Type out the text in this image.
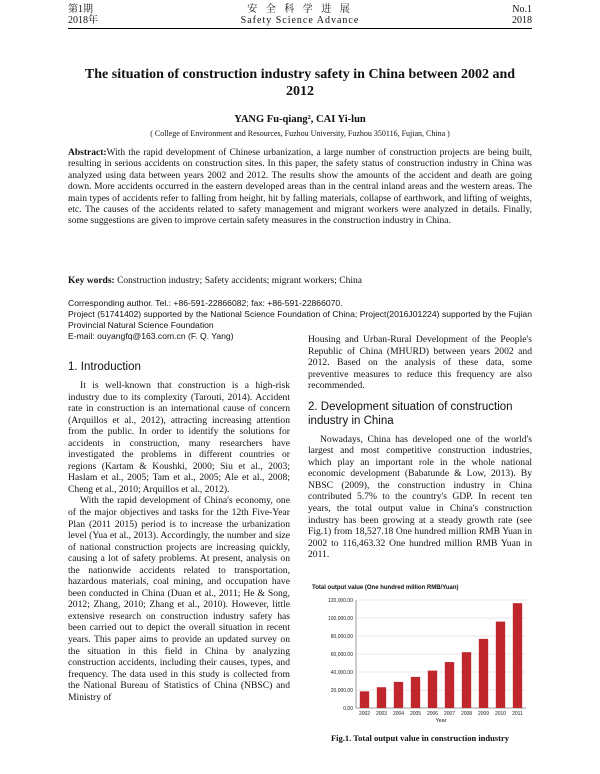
第1期
2018年
安 全 科 学 进 展
Safety Science Advance
No.1
2018
The situation of construction industry safety in China between 2002 and 2012
YANG Fu-qiang², CAI Yi-lun
( College of Environment and Resources, Fuzhou University, Fuzhou 350116, Fujian, China )

Abstract:With the rapid development of Chinese urbanization, a large number of construction projects are being built, resulting in serious accidents on construction sites. In this paper, the safety status of construction industry in China was analyzed using data between years 2002 and 2012. The results show the amounts of the accident and death are going down. More accidents occurred in the eastern developed areas than in the central inland areas and the western areas. The main types of accidents refer to falling from height, hit by falling materials, collapse of earthwork, and lifting of weights, etc. The causes of the accidents related to safety management and migrant workers were analyzed in details. Finally, some suggestions are given to improve certain safety measures in the construction industry in China.

Key words: Construction industry; Safety accidents; migrant workers; China

Corresponding author. Tel.: +86-591-22866082; fax: +86-591-22866070.
Project (51741402) supported by the National Science Foundation of China; Project(2016J01224) supported by the Fujian Provincial Natural Science Foundation
E-mail: ouyangfq@163.com.cn (F. Q. Yang)
1. Introduction

It is well-known that construction is a high-risk industry due to its complexity (Tarouti, 2014). Accident rate in construction is an international cause of concern (Arquillos et al., 2012), attracting increasing attention from the public. In order to identify the solutions for accidents in construction, many researchers have investigated the problems in different countries or regions (Kartam & Koushki, 2000; Siu et al., 2003; Haslam et al., 2005; Tam et al., 2005; Ale et al., 2008; Cheng et al., 2010; Arquillos et al., 2012).

With the rapid development of China's economy, one of the major objectives and tasks for the 12th Five-Year Plan (2011 2015) period is to increase the urbanization level (Yua et al., 2013). Accordingly, the number and size of national construction projects are increasing quickly, causing a lot of safety problems. At present, analysis on the nationwide accidents related to transportation, hazardous materials, coal mining, and occupation have been conducted in China (Duan et al., 2011; He & Song, 2012; Zhang, 2010; Zhang et al., 2010). However, little extensive research on construction industry safety has been carried out to depict the overall situation in recent years. This paper aims to provide an updated survey on the situation in this field in China by analyzing construction accidents, including their causes, types, and frequency. The data used in this study is collected from the National Bureau of Statistics of China (NBSC) and Ministry of

Housing and Urban-Rural Development of the People's Republic of China (MHURD) between years 2002 and 2012. Based on the analysis of these data, some preventive measures to reduce this frequency are also recommended.

2. Development situation of construction industry in China

Nowadays, China has developed one of the world's largest and most competitive construction industries, which play an important role in the whole national economic development (Babatunde & Low, 2013). By NBSC (2009), the construction industry in China contributed 5.7% to the country's GDP. In recent ten years, the total output value in China's construction industry has been growing at a steady growth rate (see Fig.1) from 18,527.18 One hundred million RMB Yuan in 2002 to 116,463.32 One hundred million RMB Yuan in 2011.

Total output value (One hundred million RMB/Yuan)
0.00
20,000.00
40,000.00
60,000.00
80,000.00
100,000.00
120,000.00
2002 2003 2004 2005 2006 2007 2008 2009 2010 2011
Year
Fig.1. Total output value in construction industry
